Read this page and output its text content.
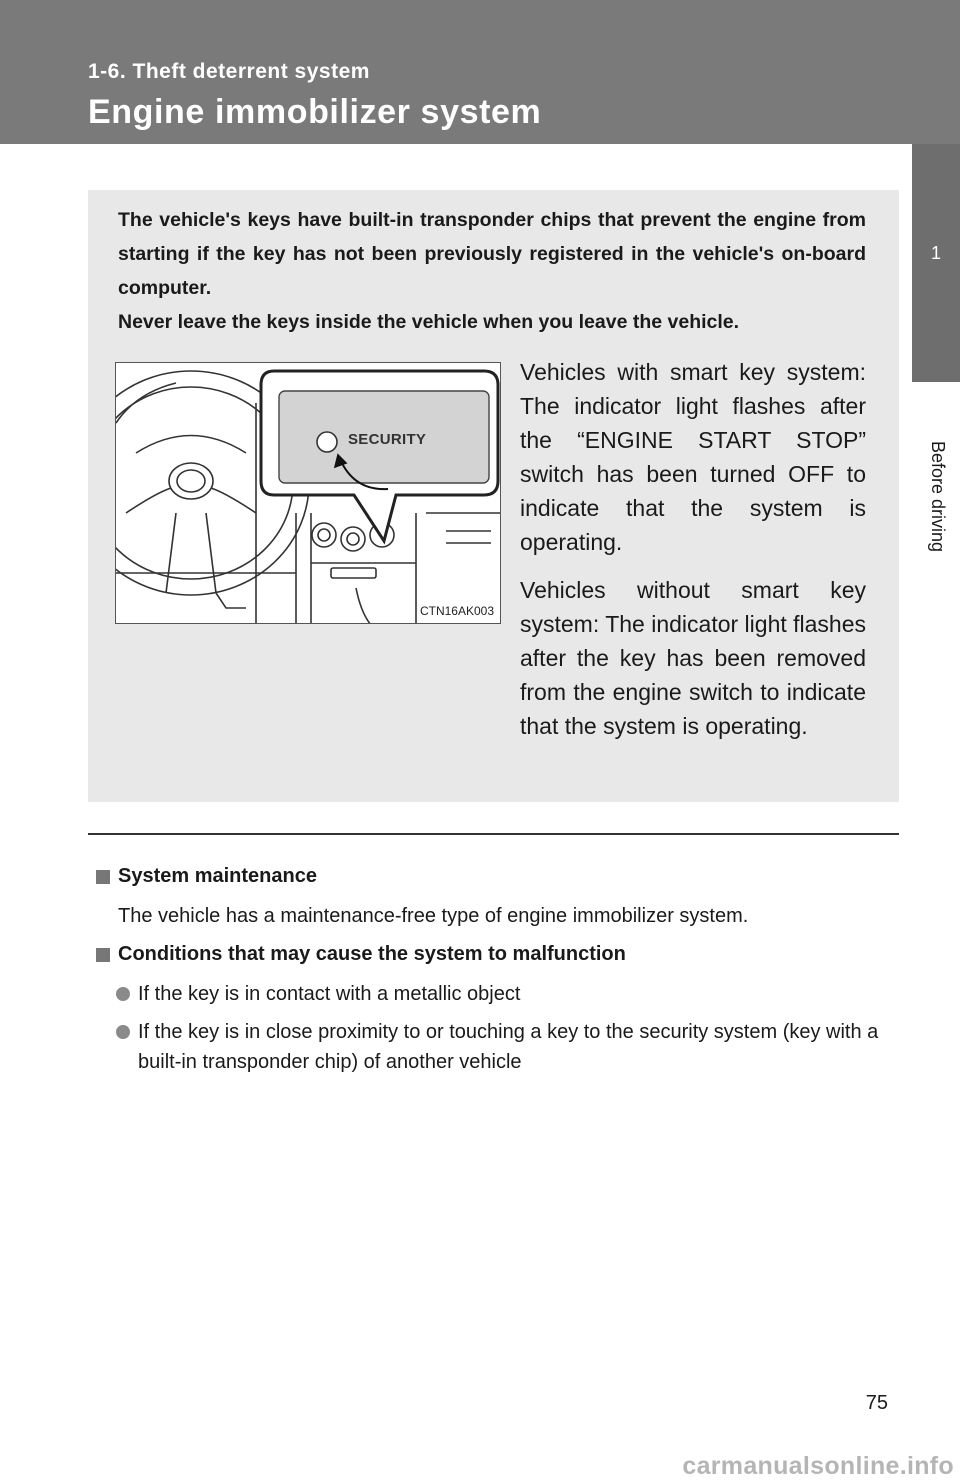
1-6. Theft deterrent system
Engine immobilizer system
1
Before driving
The vehicle's keys have built-in transponder chips that prevent the engine from starting if the key has not been previously registered in the vehicle's on-board computer.
Never leave the keys inside the vehicle when you leave the vehicle.
CTN16AK003
SECURITY
Vehicles with smart key system: The indicator light flashes after the “ENGINE START STOP” switch has been turned OFF to indicate that the system is operating.
Vehicles without smart key system: The indicator light flashes after the key has been removed from the engine switch to indicate that the system is operating.
System maintenance
The vehicle has a maintenance-free type of engine immobilizer system.
Conditions that may cause the system to malfunction
If the key is in contact with a metallic object
If the key is in close proximity to or touching a key to the security system (key with a built-in transponder chip) of another vehicle
75
carmanualsonline.info
